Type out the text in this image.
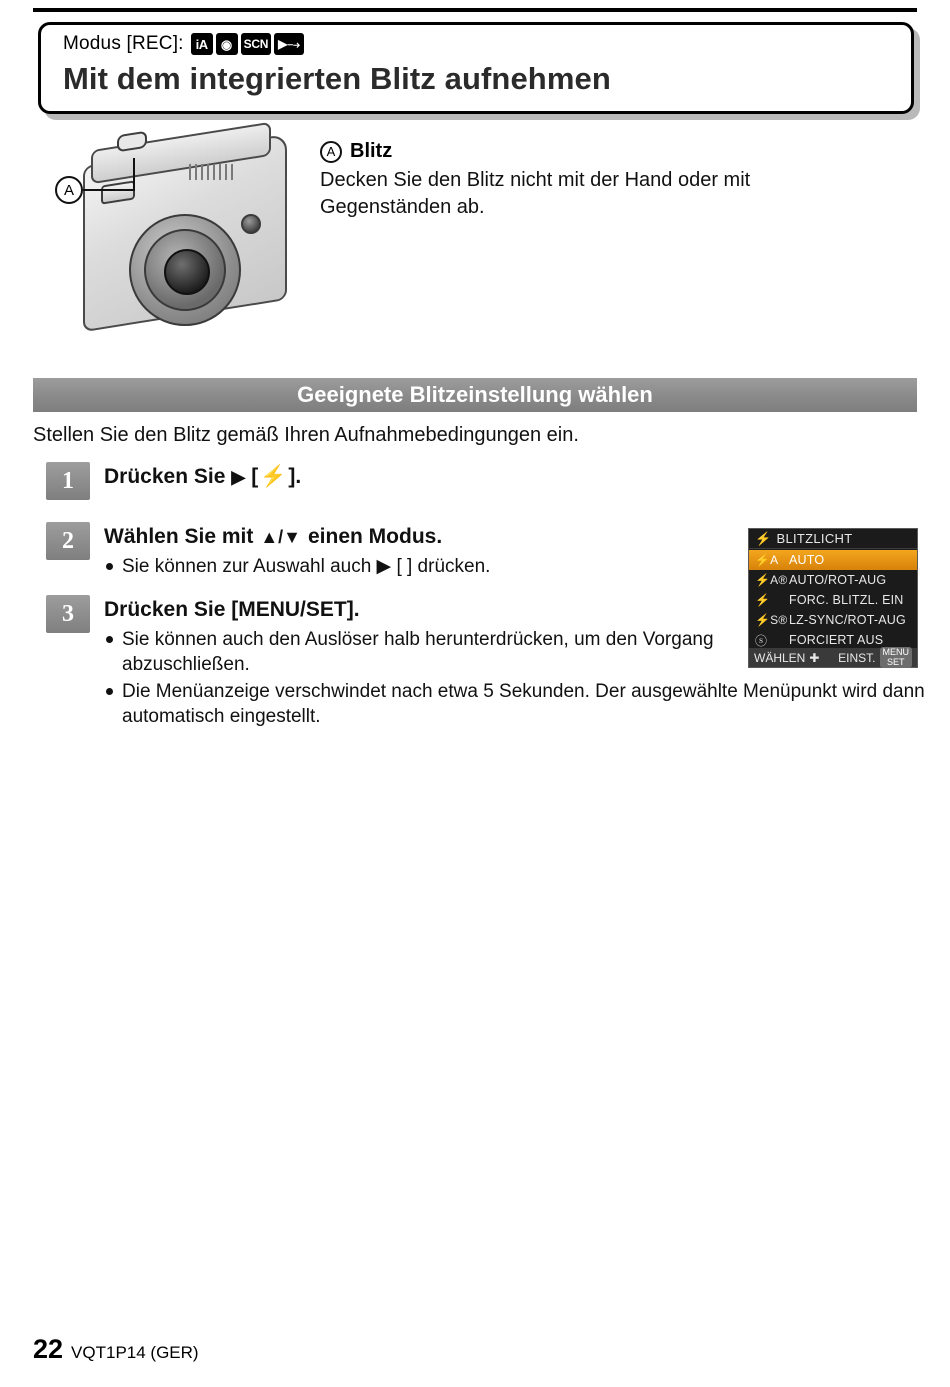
Modus [REC]: iA	◉ SCN ▶⤍
Mit dem integrierten Blitz aufnehmen
A
A Blitz
Decken Sie den Blitz nicht mit der Hand oder mit Gegenständen ab.
Geeignete Blitzeinstellung wählen
Stellen Sie den Blitz gemäß Ihren Aufnahmebedingungen ein.
1	Drücken Sie ▶ [ ⚡ ].
2	Wählen Sie mit ▲/▼ einen Modus.
Sie können zur Auswahl auch ▶ [ ] drücken.
3	Drücken Sie [MENU/SET].
Sie können auch den Auslöser halb herunterdrücken, um den Vorgang abzuschließen.
Die Menüanzeige verschwindet nach etwa 5 Sekunden. Der ausgewählte Menüpunkt wird dann automatisch eingestellt.
⚡ BLITZLICHT
⚡A AUTO
⚡A® AUTO/ROT-AUG
⚡	FORC. BLITZL. EIN
⚡S® LZ-SYNC/ROT-AUG
ⓢ	FORCIERT AUS
WÄHLEN ✚ EINST. MENU
SET
22 VQT1P14 (GER)
